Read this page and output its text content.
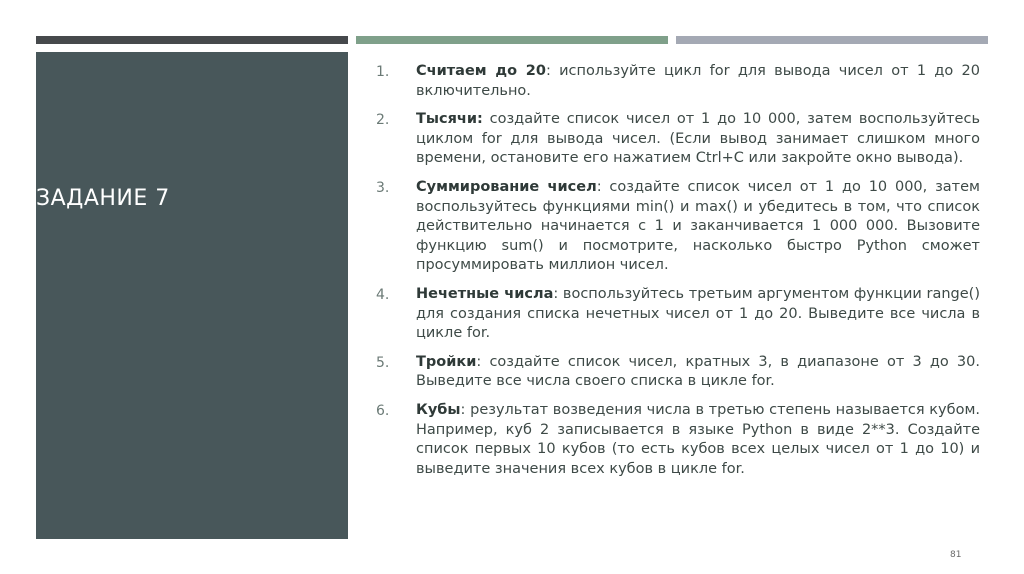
ЗАДАНИЕ 7
1.	Считаем до 20: используйте цикл for для вывода чисел от 1 до 20 включительно.
2.	Тысячи: создайте список чисел от 1 до 10 000, затем воспользуйтесь циклом for для вывода чисел. (Если вывод занимает слишком много времени, остановите его нажатием Ctrl+C или закройте окно вывода).
3.	Суммирование чисел: создайте список чисел от 1 до 10 000, затем воспользуйтесь функциями min() и max() и убедитесь в том, что список действительно начинается с 1 и заканчивается 1 000 000. Вызовите функцию sum() и посмотрите, насколько быстро Python сможет просуммировать миллион чисел.
4.	Нечетные числа: воспользуйтесь третьим аргументом функции range() для создания списка нечетных чисел от 1 до 20. Выведите все числа в цикле for.
5.	Тройки: создайте список чисел, кратных 3, в диапазоне от 3 до 30. Выведите все числа своего списка в цикле for.
6.	Кубы: результат возведения числа в третью степень называется кубом. Например, куб 2 записывается в языке Python в виде 2**3. Создайте список первых 10 кубов (то есть кубов всех целых чисел от 1 до 10) и выведите значения всех кубов в цикле for.
81
